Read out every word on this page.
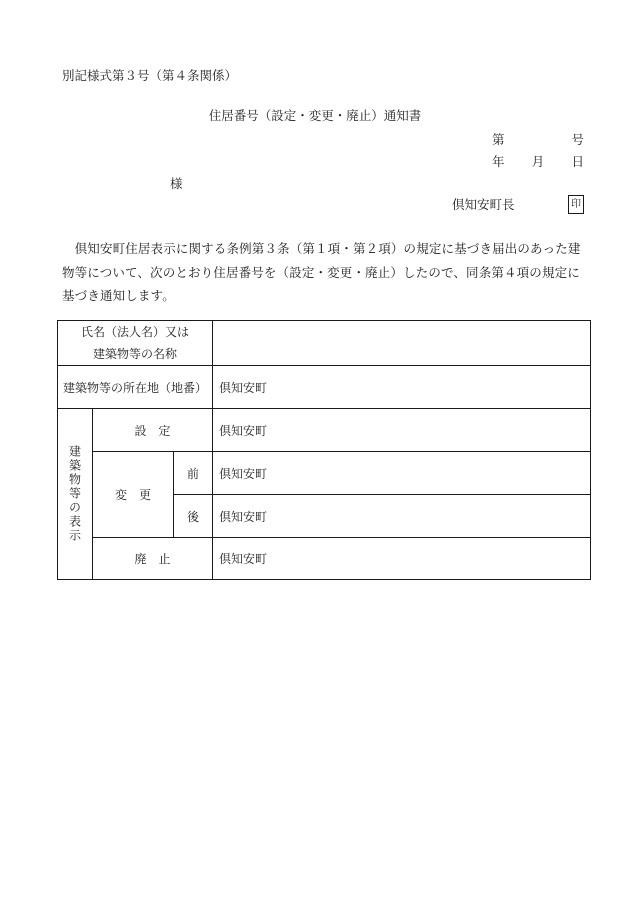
別記様式第３号（第４条関係）
住居番号（設定・変更・廃止）通知書
第	号
年 月 日
様
倶知安町長	印

　倶知安町住居表示に関する条例第３条（第１項・第２項）の規定に基づき届出のあった建物等について、次のとおり住居番号を（設定・変更・廃止）したので、同条第４項の規定に基づき通知します。

氏名（法人名）又は
建築物等の名称			

建築物等の所在地（地番）			倶知安町
建築物等の表示	設　定		倶知安町
	変　更	前	倶知安町
		後	倶知安町
	廃　止		倶知安町
